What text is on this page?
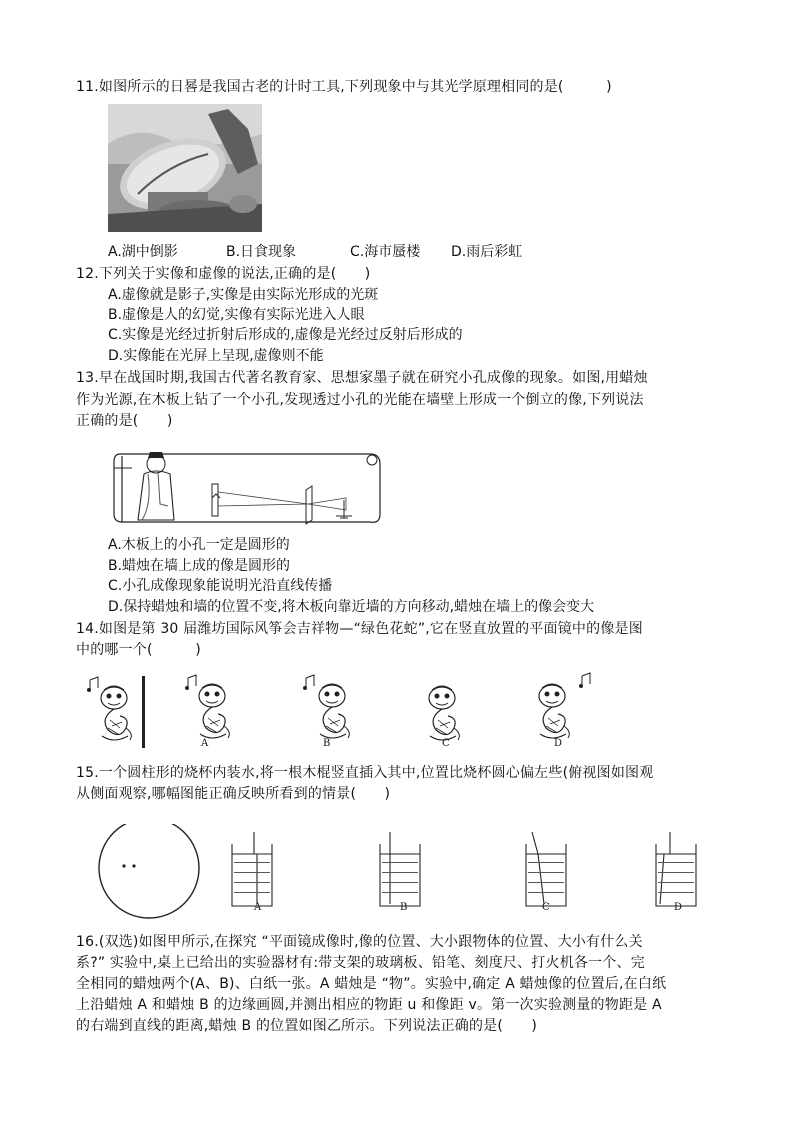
11.如图所示的日晷是我国古老的计时工具,下列现象中与其光学原理相同的是(　　　)
A.湖中倒影	B.日食现象	C.海市蜃楼 D.雨后彩虹
12.下列关于实像和虚像的说法,正确的是(　　)
A.虚像就是影子,实像是由实际光形成的光斑
B.虚像是人的幻觉,实像有实际光进入人眼
C.实像是光经过折射后形成的,虚像是光经过反射后形成的
D.实像能在光屏上呈现,虚像则不能
13.早在战国时期,我国古代著名教育家、思想家墨子就在研究小孔成像的现象。如图,用蜡烛
作为光源,在木板上钻了一个小孔,发现透过小孔的光能在墙壁上形成一个倒立的像,下列说法
正确的是(　　)
A.木板上的小孔一定是圆形的
B.蜡烛在墙上成的像是圆形的
C.小孔成像现象能说明光沿直线传播
D.保持蜡烛和墙的位置不变,将木板向靠近墙的方向移动,蜡烛在墙上的像会变大
14.如图是第 30 届潍坊国际风筝会吉祥物—“绿色花蛇”,它在竖直放置的平面镜中的像是图
中的哪一个(　　　)
A	B	C	D
15.一个圆柱形的烧杯内装水,将一根木棍竖直插入其中,位置比烧杯圆心偏左些(俯视图如图观
从侧面观察,哪幅图能正确反映所看到的情景(　　)
A	B	C	D
16.(双选)如图甲所示,在探究 “平面镜成像时,像的位置、大小跟物体的位置、大小有什么关
系?” 实验中,桌上已给出的实验器材有:带支架的玻璃板、铅笔、刻度尺、打火机各一个、完
全相同的蜡烛两个(A、B)、白纸一张。A 蜡烛是 “物”。实验中,确定 A 蜡烛像的位置后,在白纸
上沿蜡烛 A 和蜡烛 B 的边缘画圆,并测出相应的物距 u 和像距 v。第一次实验测量的物距是 A
的右端到直线的距离,蜡烛 B 的位置如图乙所示。下列说法正确的是(　　)
